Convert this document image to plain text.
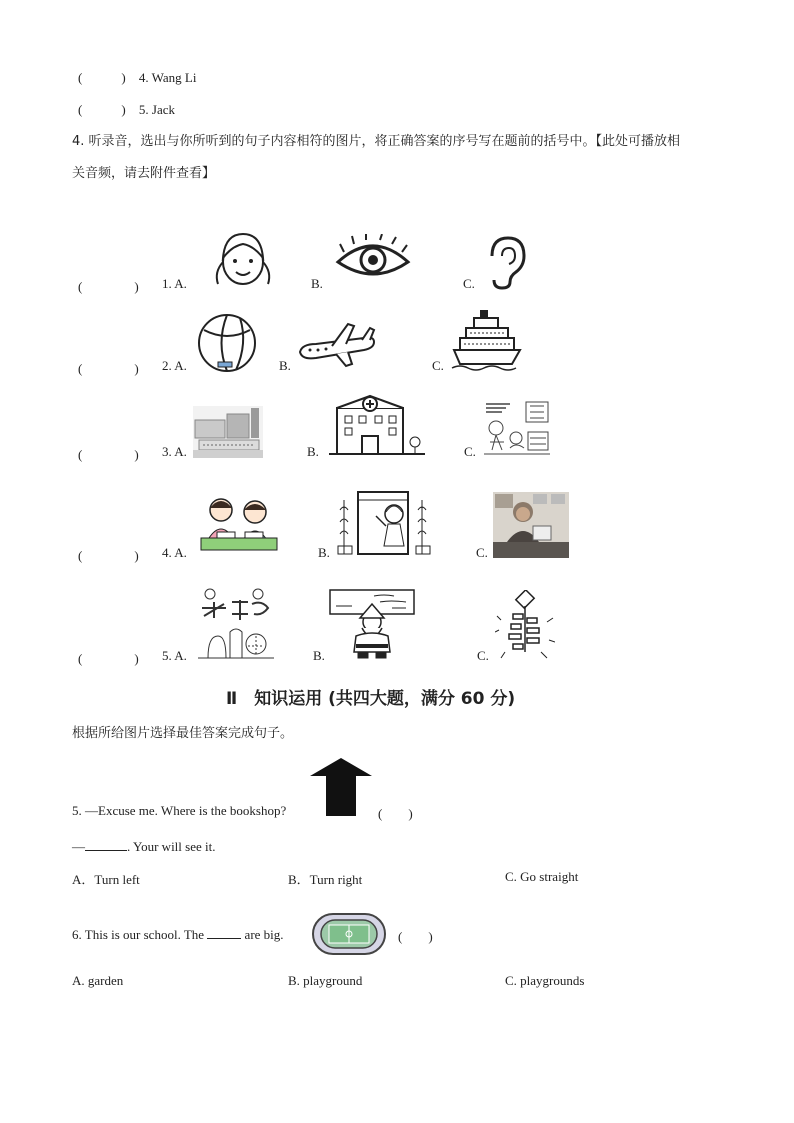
(　　　) 4. Wang Li
(　　　) 5. Jack
4. 听录音，选出与你所听到的句子内容相符的图片，将正确答案的序号写在题前的括号中。【此处可播放相
关音频，请去附件查看】
(　　　　) 1. A.	B.	C.
(　　　　) 2. A.	B.	C.
(　　　　) 3. A.	B.	C.
(　　　　) 4. A.	B.	C.
(　　　　) 5. A.	B.	C.
Ⅱ　知识运用 (共四大题，满分 60 分)
根据所给图片选择最佳答案完成句子。
5. —Excuse me. Where is the bookshop?	(　　)
—	. Your will see it.
A．Turn left	B．Turn right	C. Go straight
6. This is our school. The	are big.	(　　)
A. garden	B. playground	C. playgrounds
